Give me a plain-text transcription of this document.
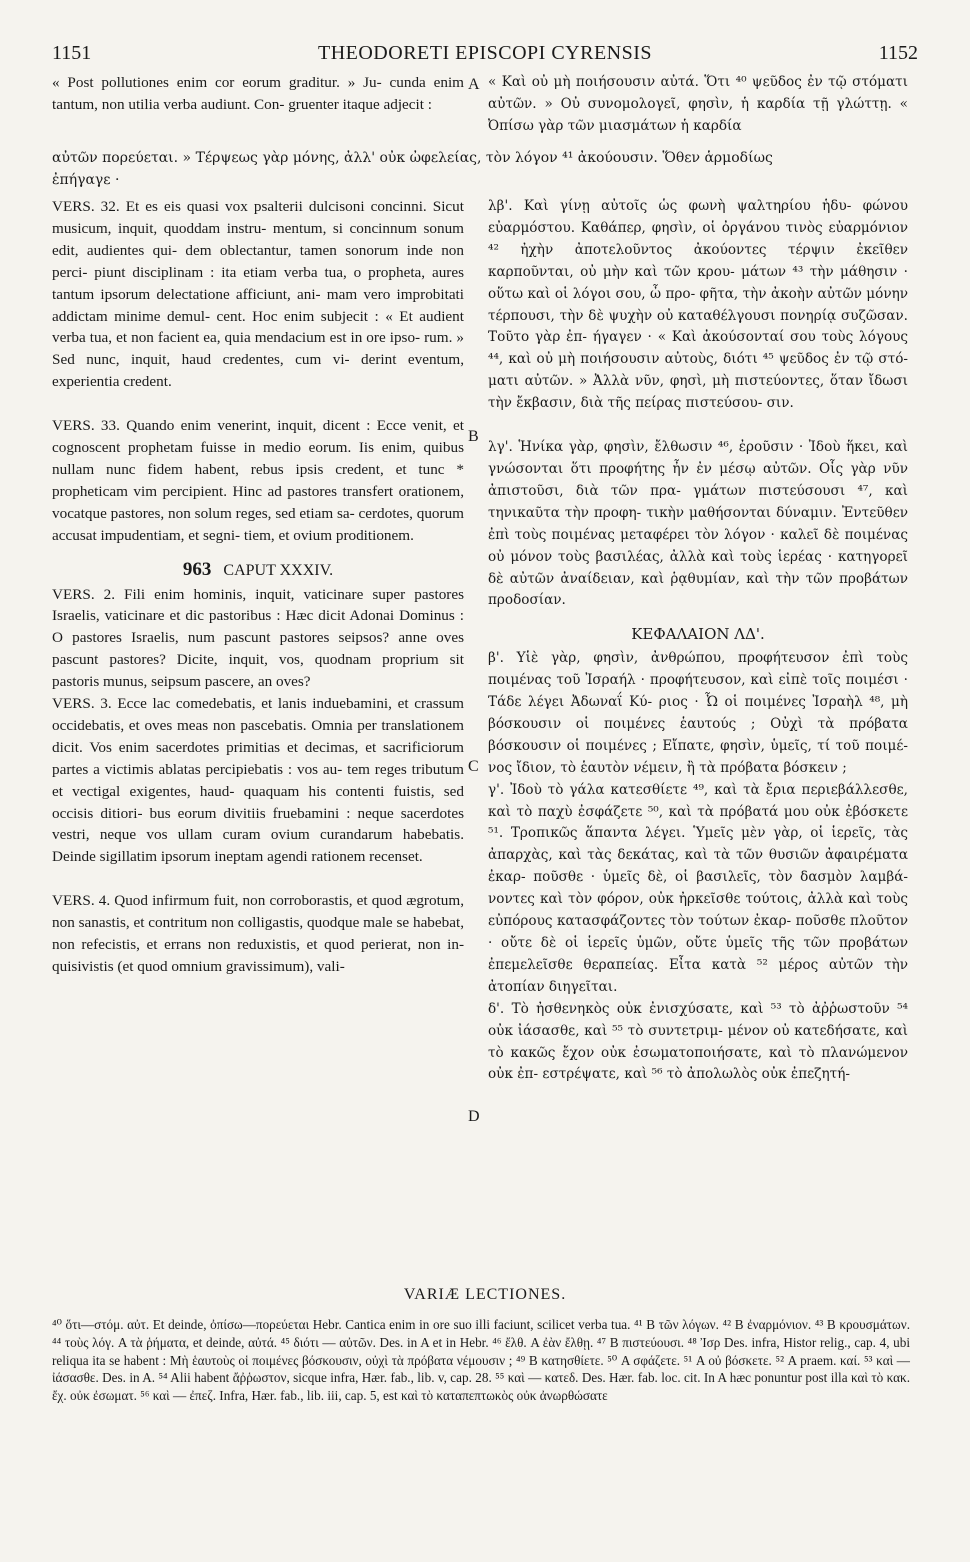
1151	THEODORETI EPISCOPI CYRENSIS	1152

« Post pollutiones enim cor eorum graditur. » Ju- cunda enim tantum, non utilia verba audiunt. Con- gruenter itaque adjecit :

« Καὶ οὐ μὴ ποιήσουσιν αὐτά. Ὅτι ⁴⁰ ψεῦδος ἐν τῷ στόματι αὐτῶν. » Οὐ συνομολογεῖ, φησὶν, ἡ καρδία τῇ γλώττῃ. « Ὀπίσω γὰρ τῶν μιασμάτων ἡ καρδία

αὐτῶν πορεύεται. » Τέρψεως γὰρ μόνης, ἀλλ' οὐκ ὠφελείας, τὸν λόγον ⁴¹ ἀκούουσιν. Ὅθεν ἁρμοδίως

ἐπήγαγε ·

VERS. 32. Et es eis quasi vox psalterii dulcisoni concinni. Sicut musicum, inquit, quoddam instru- mentum, si concinnum sonum edit, audientes qui- dem oblectantur, tamen sonorum inde non perci- piunt disciplinam : ita etiam verba tua, o propheta, aures tantum ipsorum delectatione afficiunt, ani- mam vero improbitati addictam minime demul- cent. Hoc enim subjecit : « Et audient verba tua, et non facient ea, quia mendacium est in ore ipso- rum. » Sed nunc, inquit, haud credentes, cum vi- derint eventum, experientia credent.

VERS. 33. Quando enim venerint, inquit, dicent : Ecce venit, et cognoscent prophetam fuisse in medio eorum. Iis enim, quibus nullam nunc fidem habent, rebus ipsis credent, et tunc * propheticam vim percipient. Hinc ad pastores transfert orationem, vocatque pastores, non solum reges, sed etiam sa- cerdotes, quorum accusat impudentiam, et segni- tiem, et ovium proditionem.

963 CAPUT XXXIV.

VERS. 2. Fili enim hominis, inquit, vaticinare super pastores Israelis, vaticinare et dic pastoribus : Hæc dicit Adonai Dominus : O pastores Israelis, num pascunt pastores seipsos? anne oves pascunt pastores? Dicite, inquit, vos, quodnam proprium sit pastoris munus, seipsum pascere, an oves?

VERS. 3. Ecce lac comedebatis, et lanis induebamini, et crassum occidebatis, et oves meas non pascebatis. Omnia per translationem dicit. Vos enim sacerdotes primitias et decimas, et sacrificiorum partes a victimis ablatas percipiebatis : vos au- tem reges tributum et vectigal exigentes, haud- quaquam his contenti fuistis, sed occisis ditiori- bus eorum divitiis fruebamini : neque sacerdotes vestri, neque vos ullam curam ovium curandarum habebatis. Deinde sigillatim ipsorum ineptam agendi rationem recenset.

VERS. 4. Quod infirmum fuit, non corroborastis, et quod ægrotum, non sanastis, et contritum non colligastis, quodque male se habebat, non refecistis, et errans non reduxistis, et quod perierat, non in- quisivistis (et quod omnium gravissimum), vali-

λβ'. Καὶ γίνῃ αὐτοῖς ὡς φωνὴ ψαλτηρίου ἡδυ- φώνου εὐαρμόστου. Καθάπερ, φησὶν, οἱ ὀργάνου τινὸς εὐαρμόνιον ⁴² ἠχὴν ἀποτελοῦντος ἀκούοντες τέρψιν ἐκεῖθεν καρποῦνται, οὐ μὴν καὶ τῶν κρου- μάτων ⁴³ τὴν μάθησιν · οὕτω καὶ οἱ λόγοι σου, ὦ προ- φῆτα, τὴν ἀκοὴν αὐτῶν μόνην τέρπουσι, τὴν δὲ ψυχὴν οὐ καταθέλγουσι πονηρίᾳ συζῶσαν. Τοῦτο γὰρ ἐπ- ήγαγεν · « Καὶ ἀκούσονταί σου τοὺς λόγους ⁴⁴, καὶ οὐ μὴ ποιήσουσιν αὐτοὺς, διότι ⁴⁵ ψεῦδος ἐν τῷ στό- ματι αὐτῶν. » Ἀλλὰ νῦν, φησὶ, μὴ πιστεύοντες, ὅταν ἴδωσι τὴν ἔκβασιν, διὰ τῆς πείρας πιστεύσου- σιν.

λγ'. Ἡνίκα γὰρ, φησὶν, ἔλθωσιν ⁴⁶, ἐροῦσιν · Ἰδοὺ ἥκει, καὶ γνώσονται ὅτι προφήτης ἦν ἐν μέσῳ αὐτῶν. Οἷς γὰρ νῦν ἀπιστοῦσι, διὰ τῶν πρα- γμάτων πιστεύσουσι ⁴⁷, καὶ τηνικαῦτα τὴν προφη- τικὴν μαθήσονται δύναμιν. Ἐντεῦθεν ἐπὶ τοὺς ποιμένας μεταφέρει τὸν λόγον · καλεῖ δὲ ποιμένας οὐ μόνον τοὺς βασιλέας, ἀλλὰ καὶ τοὺς ἱερέας · κατηγορεῖ δὲ αὐτῶν ἀναίδειαν, καὶ ῥᾳθυμίαν, καὶ τὴν τῶν προβάτων προδοσίαν.

ΚΕΦΑΛΑΙΟΝ ΛΔ'.

β'. Υἱὲ γὰρ, φησὶν, ἀνθρώπου, προφήτευσον ἐπὶ τοὺς ποιμένας τοῦ Ἰσραήλ · προφήτευσον, καὶ εἰπὲ τοῖς ποιμέσι · Τάδε λέγει Ἀδωναΐ Κύ- ριος · Ὦ οἱ ποιμένες Ἰσραὴλ ⁴⁸, μὴ βόσκουσιν οἱ ποιμένες ἑαυτούς ; Οὐχὶ τὰ πρόβατα βόσκουσιν οἱ ποιμένες ; Εἴπατε, φησὶν, ὑμεῖς, τί τοῦ ποιμέ- νος ἴδιον, τὸ ἑαυτὸν νέμειν, ἢ τὰ πρόβατα βόσκειν ;

γ'. Ἰδοὺ τὸ γάλα κατεσθίετε ⁴⁹, καὶ τὰ ἔρια περιεβάλλεσθε, καὶ τὸ παχὺ ἐσφάζετε ⁵⁰, καὶ τὰ πρόβατά μου οὐκ ἐβόσκετε ⁵¹. Τροπικῶς ἅπαντα λέγει. Ὑμεῖς μὲν γὰρ, οἱ ἱερεῖς, τὰς ἀπαρχὰς, καὶ τὰς δεκάτας, καὶ τὰ τῶν θυσιῶν ἀφαιρέματα ἐκαρ- ποῦσθε · ὑμεῖς δὲ, οἱ βασιλεῖς, τὸν δασμὸν λαμβά- νοντες καὶ τὸν φόρον, οὐκ ἠρκεῖσθε τούτοις, ἀλλὰ καὶ τοὺς εὐπόρους κατασφάζοντες τὸν τούτων ἐκαρ- ποῦσθε πλοῦτον · οὔτε δὲ οἱ ἱερεῖς ὑμῶν, οὔτε ὑμεῖς τῆς τῶν προβάτων ἐπεμελεῖσθε θεραπείας. Εἶτα κατὰ ⁵² μέρος αὐτῶν τὴν ἀτοπίαν διηγεῖται.

δ'. Τὸ ἠσθενηκὸς οὐκ ἐνισχύσατε, καὶ ⁵³ τὸ ἀῤῥωστοῦν ⁵⁴ οὐκ ἰάσασθε, καὶ ⁵⁵ τὸ συντετριμ- μένον οὐ κατεδήσατε, καὶ τὸ κακῶς ἔχον οὐκ ἐσωματοποιήσατε, καὶ τὸ πλανώμενον οὐκ ἐπ- εστρέψατε, καὶ ⁵⁶ τὸ ἀπολωλὸς οὐκ ἐπεζητή-

A
B
C
D
VARIÆ LECTIONES.

⁴⁰ ὅτι—στόμ. αὐτ. Et deinde, ὀπίσω—πορεύεται Hebr. Cantica enim in ore suo illi faciunt, scilicet verba tua. ⁴¹ B τῶν λόγων. ⁴² B ἐναρμόνιον. ⁴³ B κρουσμάτων. ⁴⁴ τοὺς λόγ. A τὰ ῥήματα, et deinde, αὐτά. ⁴⁵ διότι — αὐτῶν. Des. in A et in Hebr. ⁴⁶ ἔλθ. A ἐὰν ἔλθῃ. ⁴⁷ B πιστεύουσι. ⁴⁸ Ἰσρ Des. infra, Histor relig., cap. 4, ubi reliqua ita se habent : Μὴ ἑαυτοὺς οἱ ποιμένες βόσκουσιν, οὐχὶ τὰ πρόβατα νέμουσιν ; ⁴⁹ B κατησθίετε. ⁵⁰ A σφάζετε. ⁵¹ A οὐ βόσκετε. ⁵² A praem. καί. ⁵³ καὶ — ἰάσασθε. Des. in A. ⁵⁴ Alii habent ἄῤῥωστον, sicque infra, Hær. fab., lib. v, cap. 28. ⁵⁵ καὶ — κατεδ. Des. Hær. fab. loc. cit. In A hæc ponuntur post illa καὶ τὸ κακ. ἔχ. οὐκ ἐσωματ. ⁵⁶ καὶ — ἐπεζ. Infra, Hær. fab., lib. iii, cap. 5, est καὶ τὸ καταπεπτωκὸς οὐκ ἀνωρθώσατε
